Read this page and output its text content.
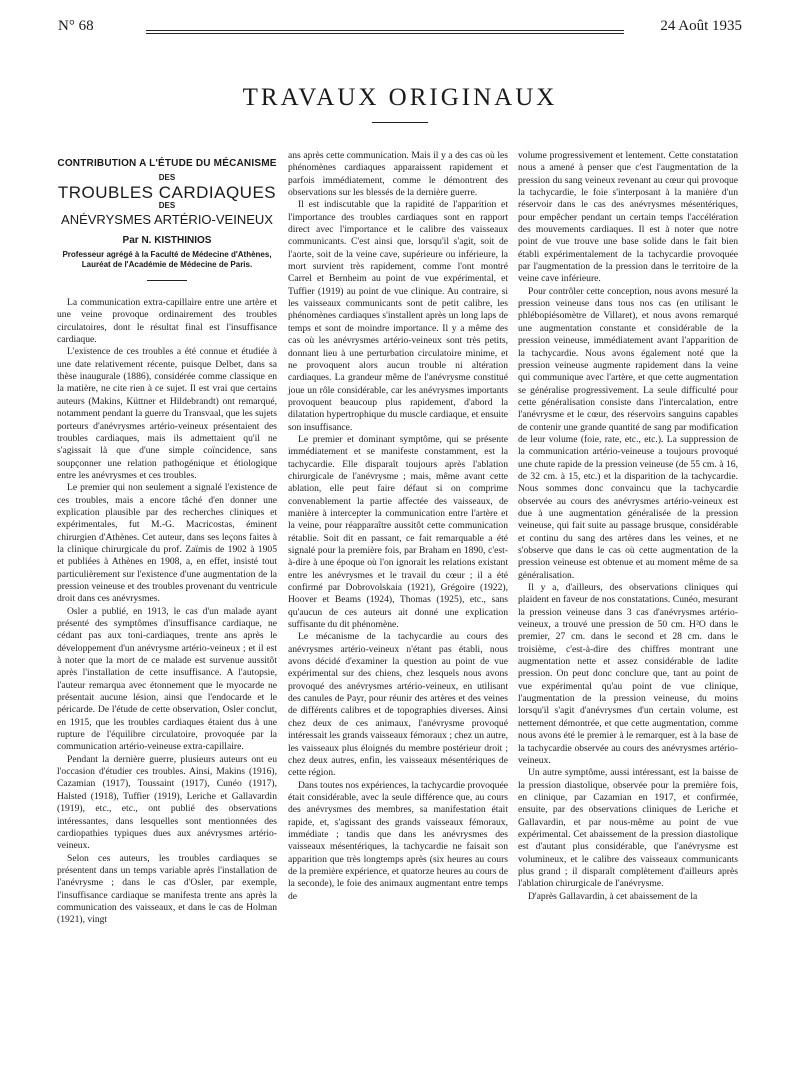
N° 68	24 Août 1935
TRAVAUX ORIGINAUX
CONTRIBUTION A L'ÉTUDE DU MÉCANISME
DES
TROUBLES CARDIAQUES
DES
ANÉVRYSMES ARTÉRIO-VEINEUX
Par N. KISTHINIOS
Professeur agrégé à la Faculté de Médecine d'Athènes, Lauréat de l'Académie de Médecine de Paris.

La communication extra-capillaire entre une artère et une veine provoque ordinairement des troubles circulatoires, dont le résultat final est l'insuffisance cardiaque.

L'existence de ces troubles a été connue et étudiée à une date relativement récente, puisque Delbet, dans sa thèse inaugurale (1886), considérée comme classique en la matière, ne cite rien à ce sujet. Il est vrai que certains auteurs (Makins, Küttner et Hildebrandt) ont remarqué, notamment pendant la guerre du Transvaal, que les sujets porteurs d'anévrysmes artério-veineux présentaient des troubles cardiaques, mais ils admettaient qu'il ne s'agissait là que d'une simple coïncidence, sans soupçonner une relation pathogénique et étiologique entre les anévrysmes et ces troubles.

Le premier qui non seulement a signalé l'existence de ces troubles, mais a encore tâché d'en donner une explication plausible par des recherches cliniques et expérimentales, fut M.-G. Macricostas, éminent chirurgien d'Athènes. Cet auteur, dans ses leçons faites à la clinique chirurgicale du prof. Zaïmis de 1902 à 1905 et publiées à Athènes en 1908, a, en effet, insisté tout particulièrement sur l'existence d'une augmentation de la pression veineuse et des troubles provenant du ventricule droit dans ces anévrysmes.

Osler a publié, en 1913, le cas d'un malade ayant présenté des symptômes d'insuffisance cardiaque, ne cédant pas aux toni-cardiaques, trente ans après le développement d'un anévrysme artério-veineux ; et il est à noter que la mort de ce malade est survenue aussitôt après l'installation de cette insuffisance. A l'autopsie, l'auteur remarqua avec étonnement que le myocarde ne présentait aucune lésion, ainsi que l'endocarde et le péricarde. De l'étude de cette observation, Osler conclut, en 1915, que les troubles cardiaques étaient dus à une rupture de l'équilibre circulatoire, provoquée par la communication artério-veineuse extra-capillaire.

Pendant la dernière guerre, plusieurs auteurs ont eu l'occasion d'étudier ces troubles. Ainsi, Makins (1916), Cazamian (1917), Toussaint (1917), Cunéo (1917), Halsted (1918), Tuffier (1919), Leriche et Gallavardin (1919), etc., etc., ont publié des observations intéressantes, dans lesquelles sont mentionnées des cardiopathies typiques dues aux anévrysmes artério-veineux.

Selon ces auteurs, les troubles cardiaques se présentent dans un temps variable après l'installation de l'anévrysme ; dans le cas d'Osler, par exemple, l'insuffisance cardiaque se manifesta trente ans après la communication des vaisseaux, et dans le cas de Holman (1921), vingt

ans après cette communication. Mais il y a des cas où les phénomènes cardiaques apparaissent rapidement et parfois immédiatement, comme le démontrent des observations sur les blessés de la dernière guerre.

Il est indiscutable que la rapidité de l'apparition et l'importance des troubles cardiaques sont en rapport direct avec l'importance et le calibre des vaisseaux communicants. C'est ainsi que, lorsqu'il s'agit, soit de l'aorte, soit de la veine cave, supérieure ou inférieure, la mort survient très rapidement, comme l'ont montré Carrel et Bernheim au point de vue expérimental, et Tuffier (1919) au point de vue clinique. Au contraire, si les vaisseaux communicants sont de petit calibre, les phénomènes cardiaques s'installent après un long laps de temps et sont de moindre importance. Il y a même des cas où les anévrysmes artério-veineux sont très petits, donnant lieu à une perturbation circulatoire minime, et ne provoquent alors aucun trouble ni altération cardiaques. La grandeur même de l'anévrysme constitué joue un rôle considérable, car les anévrysmes importants provoquent beaucoup plus rapidement, d'abord la dilatation hypertrophique du muscle cardiaque, et ensuite son insuffisance.

Le premier et dominant symptôme, qui se présente immédiatement et se manifeste constamment, est la tachycardie. Elle disparaît toujours après l'ablation chirurgicale de l'anévrysme ; mais, même avant cette ablation, elle peut faire défaut si on comprime convenablement la partie affectée des vaisseaux, de manière à intercepter la communication entre l'artère et la veine, pour réapparaître aussitôt cette communication rétablie. Soit dit en passant, ce fait remarquable a été signalé pour la première fois, par Braham en 1890, c'est-à-dire à une époque où l'on ignorait les relations existant entre les anévrysmes et le travail du cœur ; il a été confirmé par Dobrovolskaia (1921), Grégoire (1922), Hoover et Beams (1924), Thomas (1925), etc., sans qu'aucun de ces auteurs ait donné une explication suffisante du dit phénomène.

Le mécanisme de la tachycardie au cours des anévrysmes artério-veineux n'étant pas établi, nous avons décidé d'examiner la question au point de vue expérimental sur des chiens, chez lesquels nous avons provoqué des anévrysmes artério-veineux, en utilisant des canules de Payr, pour réunir des artères et des veines de différents calibres et de topographies diverses. Ainsi chez deux de ces animaux, l'anévrysme provoqué intéressait les grands vaisseaux fémoraux ; chez un autre, les vaisseaux plus éloignés du membre postérieur droit ; chez deux autres, enfin, les vaisseaux mésentériques de cette région.

Dans toutes nos expériences, la tachycardie provoquée était considérable, avec la seule différence que, au cours des anévrysmes des membres, sa manifestation était rapide, et, s'agissant des grands vaisseaux fémoraux, immédiate ; tandis que dans les anévrysmes des vaisseaux mésentériques, la tachycardie ne faisait son apparition que très longtemps après (six heures au cours de la première expérience, et quatorze heures au cours de la seconde), le foie des animaux augmentant entre temps de

volume progressivement et lentement. Cette constatation nous a amené à penser que c'est l'augmentation de la pression du sang veineux revenant au cœur qui provoque la tachycardie, le foie s'interposant à la manière d'un réservoir dans le cas des anévrysmes mésentériques, pour empêcher pendant un certain temps l'accélération des mouvements cardiaques. Il est à noter que notre point de vue trouve une base solide dans le fait bien établi expérimentalement de la tachycardie provoquée par l'augmentation de la pression dans le territoire de la veine cave inférieure.

Pour contrôler cette conception, nous avons mesuré la pression veineuse dans tous nos cas (en utilisant le phlébopiésomètre de Villaret), et nous avons remarqué une augmentation constante et considérable de la pression veineuse, immédiatement avant l'apparition de la tachycardie. Nous avons également noté que la pression veineuse augmente rapidement dans la veine qui communique avec l'artère, et que cette augmentation se généralise progressivement. La seule difficulté pour cette généralisation consiste dans l'intercalation, entre l'anévrysme et le cœur, des réservoirs sanguins capables de contenir une grande quantité de sang par modification de leur volume (foie, rate, etc., etc.). La suppression de la communication artério-veineuse a toujours provoqué une chute rapide de la pression veineuse (de 55 cm. à 16, de 32 cm. à 15, etc.) et la disparition de la tachycardie. Nous sommes donc convaincu que la tachycardie observée au cours des anévrysmes artério-veineux est due à une augmentation généralisée de la pression veineuse, qui fait suite au passage brusque, considérable et continu du sang des artères dans les veines, et ne s'observe que dans le cas où cette augmentation de la pression veineuse est obtenue et au moment même de sa généralisation.

Il y a, d'ailleurs, des observations cliniques qui plaident en faveur de nos constatations. Cunéo, mesurant la pression veineuse dans 3 cas d'anévrysmes artério-veineux, a trouvé une pression de 50 cm. H²O dans le premier, 27 cm. dans le second et 28 cm. dans le troisième, c'est-à-dire des chiffres montrant une augmentation nette et assez considérable de ladite pression. On peut donc conclure que, tant au point de vue expérimental qu'au point de vue clinique, l'augmentation de la pression veineuse, du moins lorsqu'il s'agit d'anévrysmes d'un certain volume, est nettement démontrée, et que cette augmentation, comme nous avons été le premier à le remarquer, est à la base de la tachycardie observée au cours des anévrysmes artério-veineux.

Un autre symptôme, aussi intéressant, est la baisse de la pression diastolique, observée pour la première fois, en clinique, par Cazamian en 1917, et confirmée, ensuite, par des observations cliniques de Leriche et Gallavardin, et par nous-même au point de vue expérimental. Cet abaissement de la pression diastolique est d'autant plus considérable, que l'anévrysme est volumineux, et le calibre des vaisseaux communicants plus grand ; il disparaît complètement d'ailleurs après l'ablation chirurgicale de l'anévrysme.

D'après Gallavardin, à cet abaissement de la
